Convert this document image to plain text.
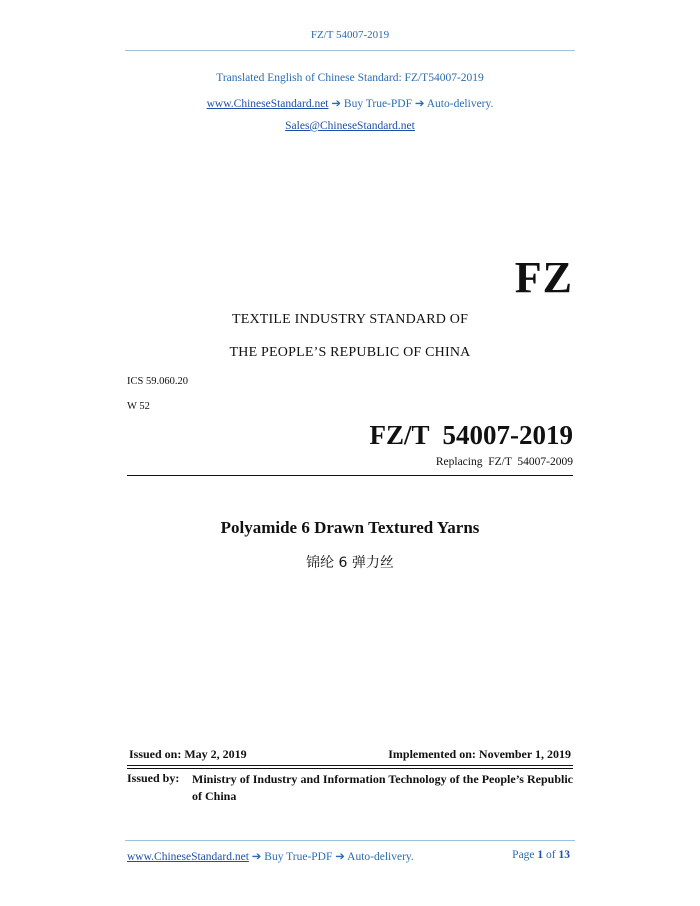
FZ/T 54007-2019
Translated English of Chinese Standard: FZ/T54007-2019
www.ChineseStandard.net ➔ Buy True-PDF ➔ Auto-delivery.
Sales@ChineseStandard.net
FZ
TEXTILE INDUSTRY STANDARD OF
THE PEOPLE’S REPUBLIC OF CHINA
ICS 59.060.20
W 52
FZ/T  54007-2019
Replacing  FZ/T  54007-2009
Polyamide 6 Drawn Textured Yarns
锦纶 6 弹力丝
Issued on: May 2, 2019	Implemented on: November 1, 2019
Issued by: Ministry of Industry and Information Technology of the People’s Republic of China
www.ChineseStandard.net ➔ Buy True-PDF ➔ Auto-delivery.	Page 1 of 13
